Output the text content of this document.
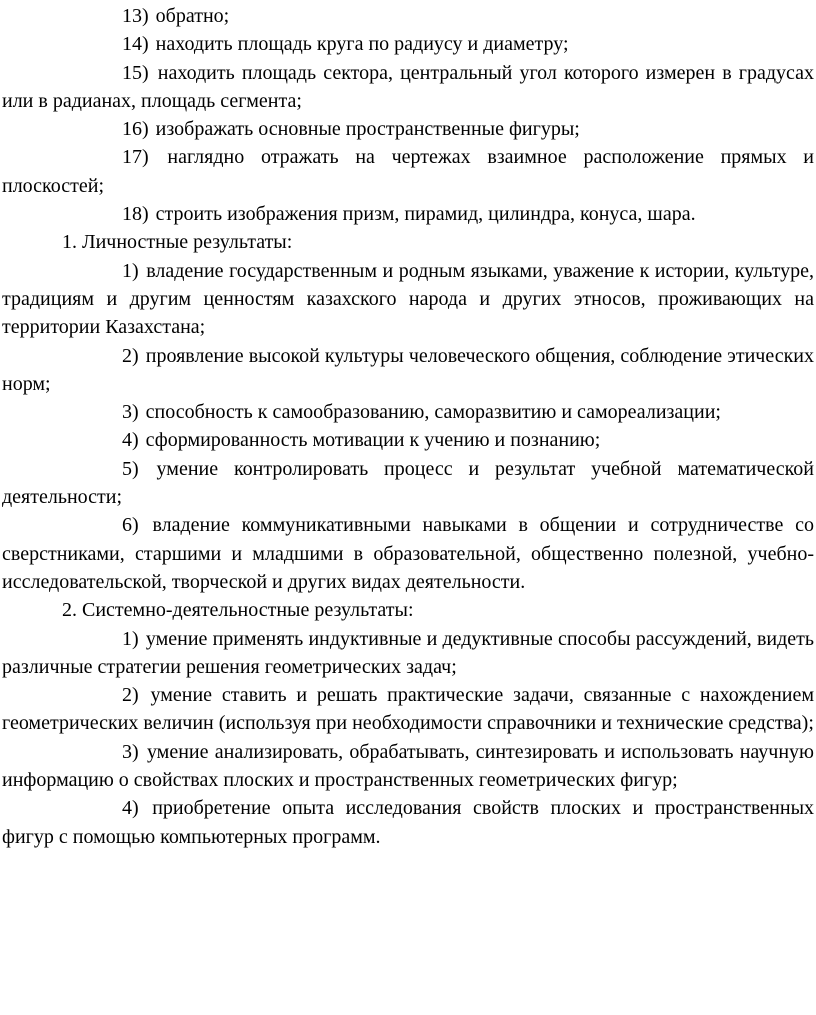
13) обратно;

14) находить площадь круга по радиусу и диаметру;

15) находить площадь сектора, центральный угол которого измерен в градусах или в радианах, площадь сегмента;

16) изображать основные пространственные фигуры;

17) наглядно отражать на чертежах взаимное расположение прямых и плоскостей;

18) строить изображения призм, пирамид, цилиндра, конуса, шара.

1. Личностные результаты:

1) владение государственным и родным языками, уважение к истории, культуре, традициям и другим ценностям казахского народа и других этносов, проживающих на территории Казахстана;

2) проявление высокой культуры человеческого общения, соблюдение этических норм;

3) способность к самообразованию, саморазвитию и самореализации;

4) сформированность мотивации к учению и познанию;

5) умение контролировать процесс и результат учебной математической деятельности;

6) владение коммуникативными навыками в общении и сотрудничестве со сверстниками, старшими и младшими в образовательной, общественно полезной, учебно-исследовательской, творческой и других видах деятельности.

2. Системно-деятельностные результаты:

1) умение применять индуктивные и дедуктивные способы рассуждений, видеть различные стратегии решения геометрических задач;

2) умение ставить и решать практические задачи, связанные с нахождением геометрических величин (используя при необходимости справочники и технические средства);

3) умение анализировать, обрабатывать, синтезировать и использовать научную информацию о свойствах плоских и пространственных геометрических фигур;

4) приобретение опыта исследования свойств плоских и пространственных фигур с помощью компьютерных программ.
